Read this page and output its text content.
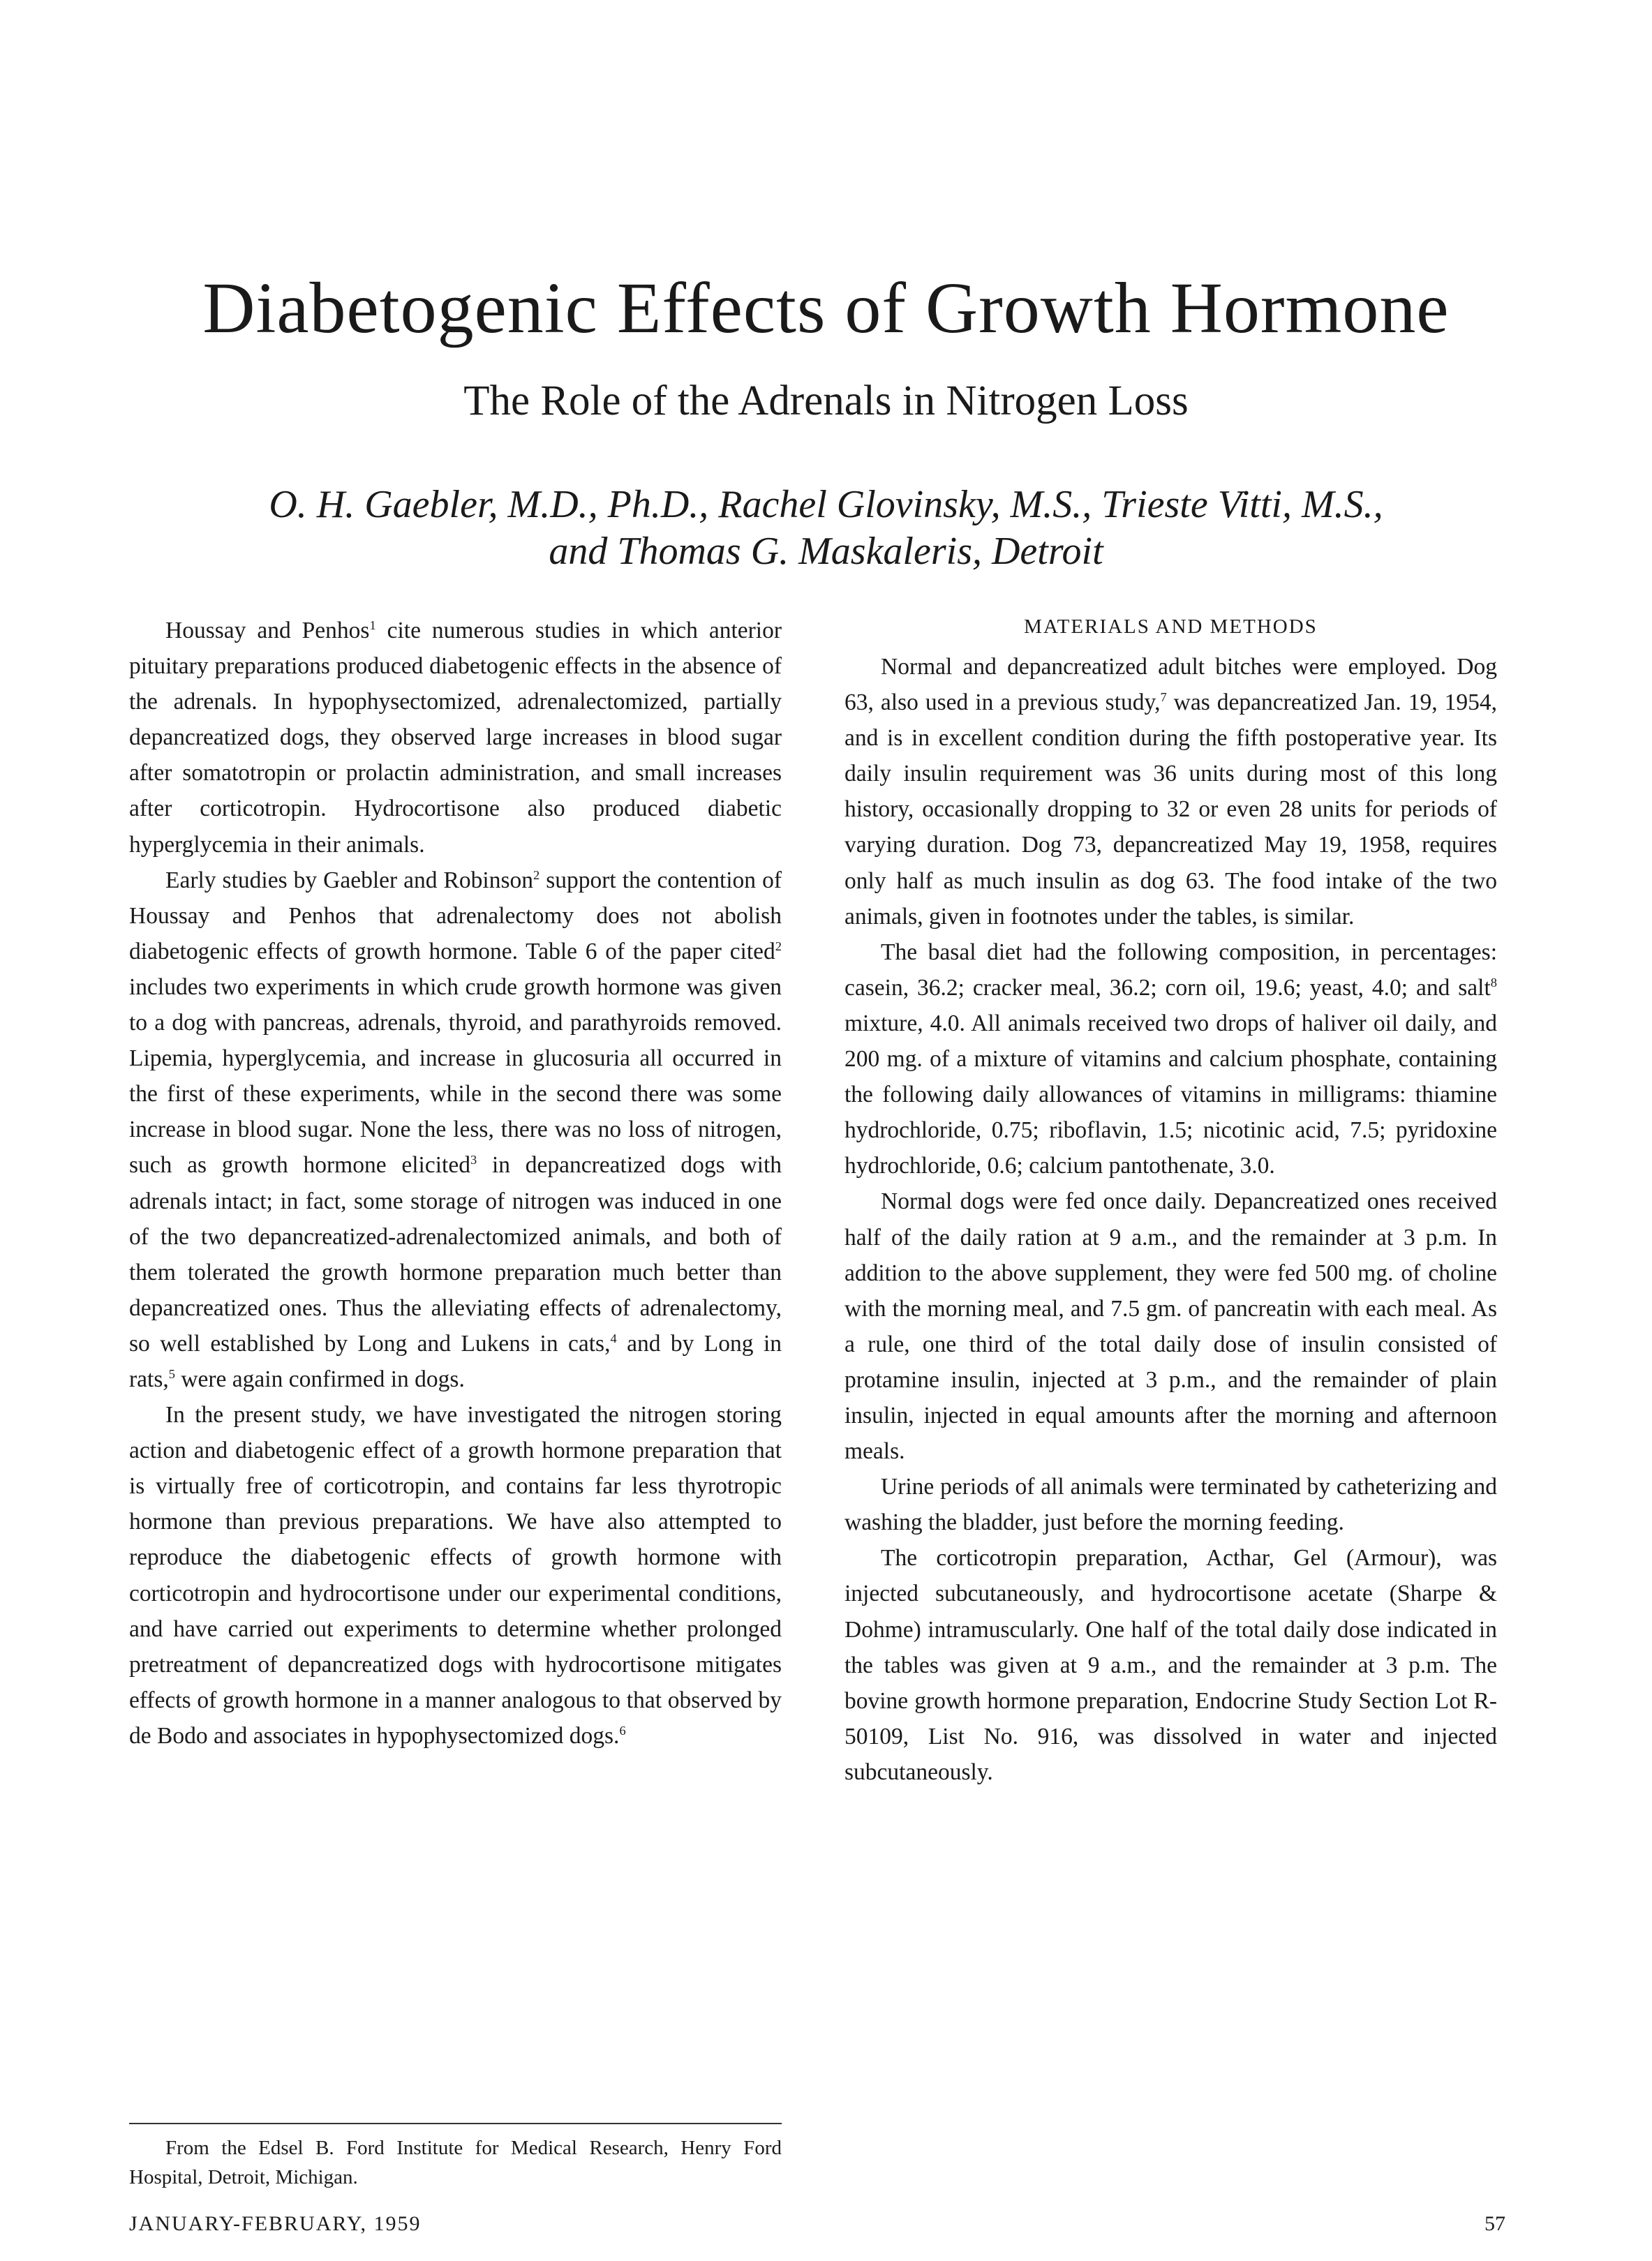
Diabetogenic Effects of Growth Hormone
The Role of the Adrenals in Nitrogen Loss
O. H. Gaebler, M.D., Ph.D., Rachel Glovinsky, M.S., Trieste Vitti, M.S.,
and Thomas G. Maskaleris, Detroit

Houssay and Penhos$^1$ cite numerous studies in which anterior pituitary preparations produced diabetogenic effects in the absence of the adrenals. In hypophysectomized, adrenalectomized, partially depancreatized dogs, they observed large increases in blood sugar after somatotropin or prolactin administration, and small increases after corticotropin. Hydrocortisone also produced diabetic hyperglycemia in their animals.

Early studies by Gaebler and Robinson$^2$ support the contention of Houssay and Penhos that adrenalectomy does not abolish diabetogenic effects of growth hormone. Table 6 of the paper cited$^2$ includes two experiments in which crude growth hormone was given to a dog with pancreas, adrenals, thyroid, and parathyroids removed. Lipemia, hyperglycemia, and increase in glucosuria all occurred in the first of these experiments, while in the second there was some increase in blood sugar. None the less, there was no loss of nitrogen, such as growth hormone elicited$^3$ in depancreatized dogs with adrenals intact; in fact, some storage of nitrogen was induced in one of the two depancreatized-adrenalectomized animals, and both of them tolerated the growth hormone preparation much better than depancreatized ones. Thus the alleviating effects of adrenalectomy, so well established by Long and Lukens in cats,$^4$ and by Long in rats,$^5$ were again confirmed in dogs.

In the present study, we have investigated the nitrogen storing action and diabetogenic effect of a growth hormone preparation that is virtually free of corticotropin, and contains far less thyrotropic hormone than previous preparations. We have also attempted to reproduce the diabetogenic effects of growth hormone with corticotropin and hydrocortisone under our experimental conditions, and have carried out experiments to determine whether prolonged pretreatment of depancreatized dogs with hydrocortisone mitigates effects of growth hormone in a manner analogous to that observed by de Bodo and associates in hypophysectomized dogs.$^6$

MATERIALS AND METHODS

Normal and depancreatized adult bitches were employed. Dog 63, also used in a previous study,$^7$ was depancreatized Jan. 19, 1954, and is in excellent condition during the fifth postoperative year. Its daily insulin requirement was 36 units during most of this long history, occasionally dropping to 32 or even 28 units for periods of varying duration. Dog 73, depancreatized May 19, 1958, requires only half as much insulin as dog 63. The food intake of the two animals, given in footnotes under the tables, is similar.

The basal diet had the following composition, in percentages: casein, 36.2; cracker meal, 36.2; corn oil, 19.6; yeast, 4.0; and salt$^8$ mixture, 4.0. All animals received two drops of haliver oil daily, and 200 mg. of a mixture of vitamins and calcium phosphate, containing the following daily allowances of vitamins in milligrams: thiamine hydrochloride, 0.75; riboflavin, 1.5; nicotinic acid, 7.5; pyridoxine hydrochloride, 0.6; calcium pantothenate, 3.0.

Normal dogs were fed once daily. Depancreatized ones received half of the daily ration at 9 a.m., and the remainder at 3 p.m. In addition to the above supplement, they were fed 500 mg. of choline with the morning meal, and 7.5 gm. of pancreatin with each meal. As a rule, one third of the total daily dose of insulin consisted of protamine insulin, injected at 3 p.m., and the remainder of plain insulin, injected in equal amounts after the morning and afternoon meals.

Urine periods of all animals were terminated by catheterizing and washing the bladder, just before the morning feeding.

The corticotropin preparation, Acthar, Gel (Armour), was injected subcutaneously, and hydrocortisone acetate (Sharpe & Dohme) intramuscularly. One half of the total daily dose indicated in the tables was given at 9 a.m., and the remainder at 3 p.m. The bovine growth hormone preparation, Endocrine Study Section Lot R-50109, List No. 916, was dissolved in water and injected subcutaneously.

From the Edsel B. Ford Institute for Medical Research, Henry Ford Hospital, Detroit, Michigan.
JANUARY-FEBRUARY, 1959	57
